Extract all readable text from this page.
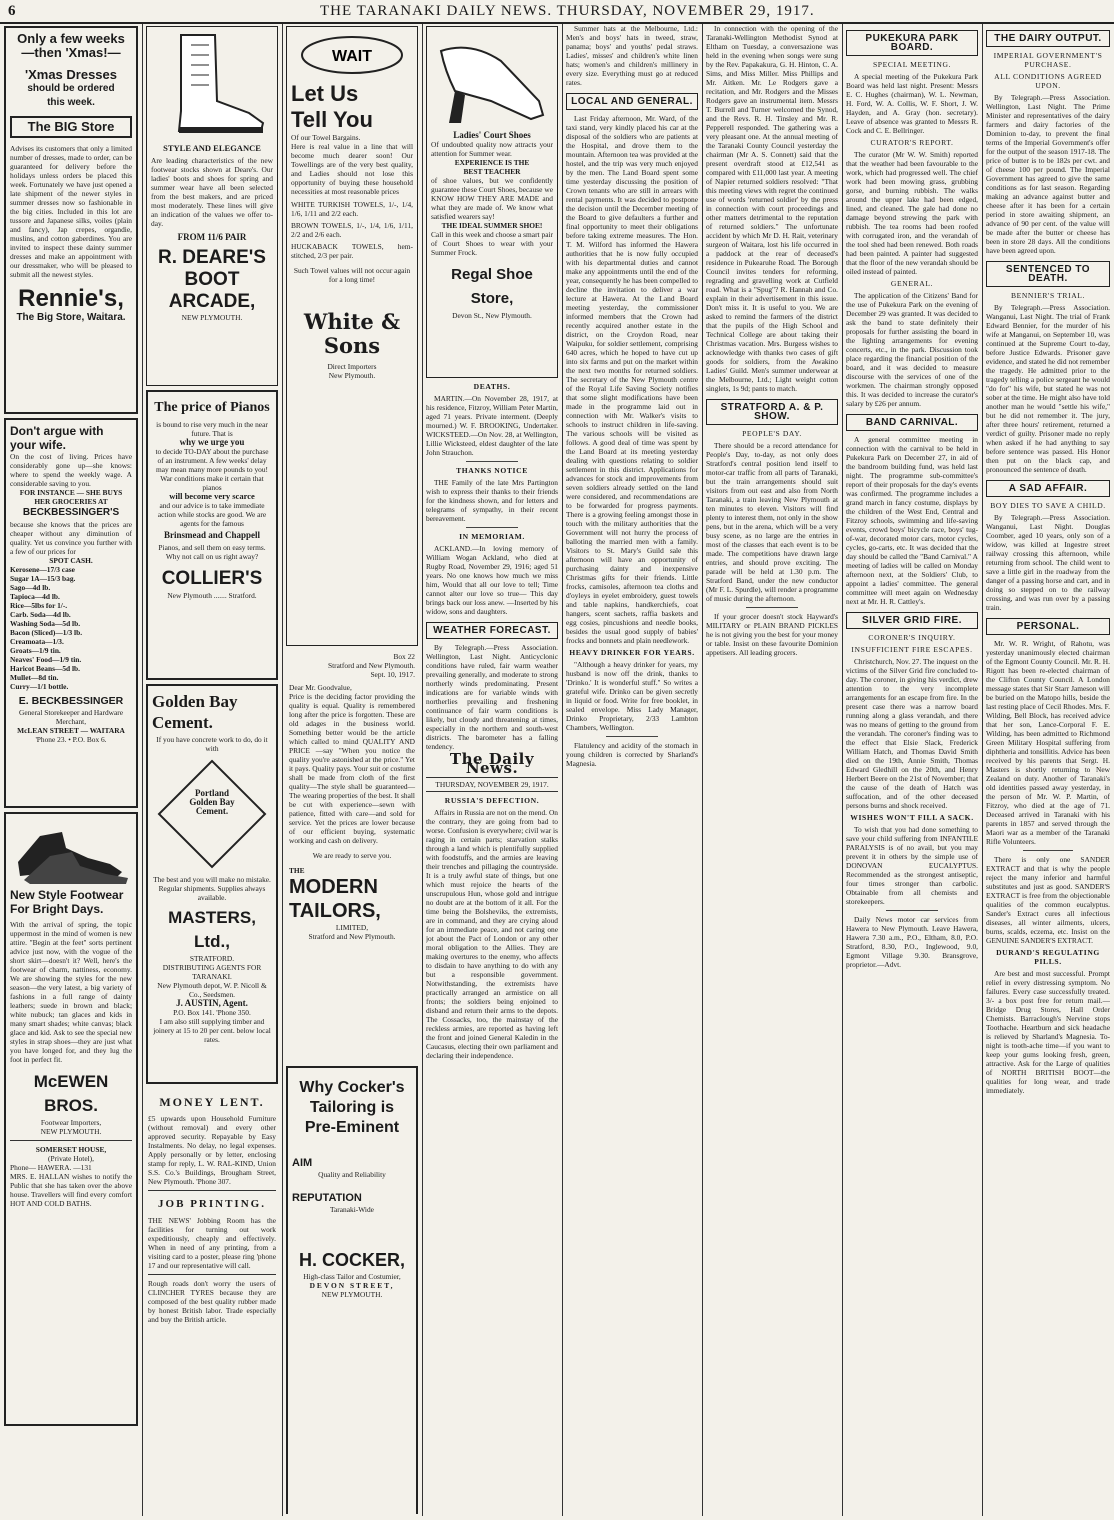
6	THE TARANAKI DAILY NEWS. THURSDAY, NOVEMBER 29, 1917.
Only a few weeks
—then 'Xmas!—
'Xmas Dresses
should be ordered
this week.
The BIG Store
Advises its customers that only a limited number of dresses, made to order, can be guaranteed for delivery before the holidays unless orders be placed this week. Fortunately we have just opened a late shipment of the newer styles in summer dresses now so fashionable in the big cities. Included in this lot are tussore and Japanese silks, voiles (plain and fancy), Jap crepes, organdie, muslins, and cotton gaberdines. You are invited to inspect these dainty summer dresses and make an appointment with our dressmaker, who will be pleased to submit all the newest styles.
Rennie's,
The Big Store, Waitara.
Don't argue with
your wife.
On the cost of living. Prices have considerably gone up—she knows: where to spend the weekly wage. A considerable saving to you.
FOR INSTANCE — SHE BUYS
HER GROCERIES AT
BECKBESSINGER'S
because she knows that the prices are cheaper without any diminution of quality. Yet us convince you further with a few of our prices for
SPOT CASH.
Kerosene—17/3 case
Sugar 1A—15/3 bag.
Sago—4d lb.
Tapioca—4d lb.
Rice—5lbs for 1/-.
Carb. Soda—4d lb.
Washing Soda—5d lb.
Bacon (Sliced)—1/3 lb.
Creamoata—1/3.
Groats—1/9 tin.
Neaves' Food—1/9 tin.
Haricot Beans—5d lb.
Mullet—8d tin.
Curry—1/1 bottle.
E. BECKBESSINGER
General Storekeeper and Hardware Merchant,
McLEAN STREET — WAITARA
'Phone 23. • P.O. Box 6.
New Style Footwear
For Bright Days.
With the arrival of spring, the topic uppermost in the mind of women is new attire. "Begin at the feet" sorts pertinent advice just now, with the vogue of the short skirt—doesn't it? Well, here's the footwear of charm, nattiness, economy. We are showing the styles for the new season—the very latest, a big variety of fashions in a full range of dainty leathers; suede in brown and black; white nubuck; tan glaces and kids in many smart shades; white canvas; black glace and kid. Ask to see the special new styles in strap shoes—they are just what you have longed for, and they lug the foot in perfect fit.
McEWEN BROS.
Footwear Importers,
NEW PLYMOUTH.
SOMERSET HOUSE,
(Private Hotel),
Phone— HAWERA. —131
MRS. E. HALLAN wishes to notify the Public that she has taken over the above house. Travellers will find every comfort HOT AND COLD BATHS.
STYLE AND ELEGANCE
Are leading characteristics of the new footwear stocks shown at Deare's. Our ladies' boots and shoes for spring and summer wear have all been selected from the best makers, and are priced most moderately. These lines will give an indication of the values we offer to-day.
FROM 11/6 PAIR
R. DEARE'S
BOOT
ARCADE,
NEW PLYMOUTH.
The price of Pianos
is bound to rise very much in the near future. That is
why we urge you
to decide TO-DAY about the purchase of an instrument. A few weeks' delay may mean many more pounds to you! War conditions make it certain that pianos
will become very scarce
and our advice is to take immediate action while stocks are good. We are agents for the famous
Brinsmead and Chappell
Pianos, and sell them on easy terms. Why not call on us right away?
COLLIER'S
New Plymouth ....... Stratford.
Golden Bay
Cement.
If you have concrete work to do, do it with
Portland
Golden Bay
Cement.
The best and you will make no mistake. Regular shipments. Supplies always available.
MASTERS, Ltd.,
STRATFORD.
DISTRIBUTING AGENTS FOR TARANAKI.
New Plymouth depot, W. P. Nicoll & Co., Seedsmen.
J. AUSTIN, Agent.
P.O. Box 141. 'Phone 350.
I am also still supplying timber and joinery at 15 to 20 per cent. below local rates.
MONEY LENT.
£5 upwards upon Household Furniture (without removal) and every other approved security. Repayable by Easy Instalments. No delay, no legal expenses. Apply personally or by letter, enclosing stamp for reply, L. W. RAL-KIND, Union S.S. Co.'s Buildings, Brougham Street, New Plymouth. 'Phone 307.
JOB PRINTING.
THE NEWS' Jobbing Room has the facilities for turning out work expeditiously, cheaply and effectively. When in need of any printing, from a visiting card to a poster, please ring 'phone 17 and our representative will call.
Rough roads don't worry the users of CLINCHER TYRES because they are composed of the best quality rubber made by honest British labor. Trade especially and buy the British article.
WAIT
Let Us
Tell You
Of our Towel Bargains.
Here is real value in a line that will become much dearer soon! Our Towellings are of the very best quality, and Ladies should not lose this opportunity of buying these household necessities at most reasonable prices
WHITE TURKISH TOWELS, 1/-, 1/4, 1/6, 1/11 and 2/2 each.
BROWN TOWELS, 1/-, 1/4, 1/6, 1/11, 2/2 and 2/6 each.
HUCKABACK TOWELS, hem-stitched, 2/3 per pair.
Such Towel values will not occur again for a long time!
White & Sons
Direct Importers
New Plymouth.
Box 22
Stratford and New Plymouth.
Sept. 10, 1917.
Dear Mr. Goodvalue,
Price is the deciding factor providing the quality is equal. Quality is remembered long after the price is forgotten. These are old adages in the business world. Something better would be the article which called to mind QUALITY AND PRICE —say "When you notice the quality you're astonished at the price." Yet it pays. Quality pays. Your suit or costume shall be made from cloth of the first quality—The style shall be guaranteed—The wearing properties of the best. It shall be cut with experience—sewn with patience, fitted with care—and sold for service. Yet the prices are lower because of our efficient buying, systematic working and cash on delivery.
We are ready to serve you.
THE
MODERN
TAILORS,
LIMITED,
Stratford and New Plymouth.
Why Cocker's
Tailoring is
Pre-Eminent
AIM
Quality and Reliability
REPUTATION
Taranaki-Wide
H. COCKER,
High-class Tailor and Costumier,
DEVON STREET,
NEW PLYMOUTH.
Ladies' Court Shoes
Of undoubted quality now attracts your attention for Summer wear.
EXPERIENCE IS THE
BEST TEACHER
of shoe values, but we confidently guarantee these Court Shoes, because we KNOW HOW THEY ARE MADE and what they are made of. We know what satisfied wearers say!
THE IDEAL SUMMER SHOE!
Call in this week and choose a smart pair of Court Shoes to wear with your Summer Frock.
Regal Shoe Store,
Devon St., New Plymouth.
DEATHS.
MARTIN.—On November 28, 1917, at his residence, Fitzroy, William Peter Martin, aged 71 years. Private interment. (Deeply mourned.) W. F. BROOKING, Undertaker. WICKSTEED.—On Nov. 28, at Wellington, Lillie Wicksteed, eldest daughter of the late John Strauchon.
THANKS NOTICE
THE Family of the late Mrs Partington wish to express their thanks to their friends for the kindness shown, and for letters and telegrams of sympathy, in their recent bereavement.
IN MEMORIAM.
ACKLAND.—In loving memory of William Wogan Ackland, who died at Rugby Road, November 29, 1916; aged 51 years. No one knows how much we miss him, Would that all our love to tell; Time cannot alter our love so true— This day brings back our loss anew. —Inserted by his widow, sons and daughters.
WEATHER FORECAST.
By Telegraph.—Press Association. Wellington, Last Night. Anticyclonic conditions have ruled, fair warm weather prevailing generally, and moderate to strong northerly winds predominating. Present indications are for variable winds with northerlies prevailing and freshening continuance of fair warm conditions is likely, but cloudy and threatening at times, especially in the northern and south-west districts. The barometer has a falling tendency.
The Daily News.
THURSDAY, NOVEMBER 29, 1917.
RUSSIA'S DEFECTION.
Affairs in Russia are not on the mend. On the contrary, they are going from bad to worse. Confusion is everywhere; civil war is raging in certain parts; starvation stalks through a land which is plentifully supplied with foodstuffs, and the armies are leaving their trenches and pillaging the countryside. It is a truly awful state of things, but one which must rejoice the hearts of the unscrupulous Hun, whose gold and intrigue no doubt are at the bottom of it all. For the time being the Bolsheviks, the extremists, are in command, and they are crying aloud for an immediate peace, and not caring one jot about the Pact of London or any other moral obligation to the Allies. They are making overtures to the enemy, who affects to disdain to have anything to do with any but a responsible government. Notwithstanding, the extremists have practically arranged an armistice on all fronts; the soldiers being enjoined to disband and return their arms to the depots. The Cossacks, too, the mainstay of the reckless armies, are reported as having left the front and joined General Kaledin in the Caucasus, electing their own parliament and declaring their independence.
Summer hats at the Melbourne, Ltd.: Men's and boys' hats in tweed, straw, panama; boys' and youths' pedal straws. Ladies', misses' and children's white linen hats; women's and children's millinery in every size. Everything must go at reduced rates.
LOCAL AND GENERAL.
Last Friday afternoon, Mr. Ward, of the taxi stand, very kindly placed his car at the disposal of the soldiers who are patients at the Hospital, and drove them to the mountain. Afternoon tea was provided at the hostel, and the trip was very much enjoyed by the men. The Land Board spent some time yesterday discussing the position of Crown tenants who are still in arrears with rental payments. It was decided to postpone the decision until the December meeting of the Board to give defaulters a further and final opportunity to meet their obligations before taking extreme measures. The Hon. T. M. Wilford has informed the Hawera authorities that he is now fully occupied with his departmental duties and cannot make any appointments until the end of the year, consequently he has been compelled to decline the invitation to deliver a war lecture at Hawera. At the Land Board meeting yesterday, the commissioner informed members that the Crown had recently acquired another estate in the district, on the Croydon Road, near Waipuku, for soldier settlement, comprising 640 acres, which he hoped to have cut up into six farms and put on the market within the next two months for returned soldiers. The secretary of the New Plymouth centre of the Royal Life Saving Society notifies that some slight modifications have been made in the programme laid out in connection with Mr. Walker's visits to schools to instruct children in life-saving. The various schools will be visited as follows. A good deal of time was spent by the Land Board at its meeting yesterday dealing with questions relating to soldier settlement in this district. Applications for advances for stock and improvements from seven soldiers already settled on the land were considered, and recommendations are to be forwarded for progress payments. There is a growing feeling amongst those in touch with the military authorities that the Government will not hurry the process of balloting the married men with a family. Visitors to St. Mary's Guild sale this afternoon will have an opportunity of purchasing dainty and inexpensive Christmas gifts for their friends. Little frocks, camisoles, afternoon tea cloths and d'oyleys in eyelet embroidery, guest towels and table napkins, handkerchiefs, coat hangers, scent sachets, raffia baskets and egg cosies, pincushions and needle books, besides the usual good supply of babies' frocks and bonnets and plain needlework.
HEAVY DRINKER FOR YEARS.
"Although a heavy drinker for years, my husband is now off the drink, thanks to 'Drinko.' It is wonderful stuff." So writes a grateful wife. Drinko can be given secretly in liquid or food. Write for free booklet, in sealed envelope. Miss Lady Manager, Drinko Proprietary, 2/33 Lambton Chambers, Wellington.
Flatulency and acidity of the stomach in young children is corrected by Sharland's Magnesia.
In connection with the opening of the Taranaki-Wellington Methodist Synod at Eltham on Tuesday, a conversazione was held in the evening when songs were sung by the Rev. Papakakura, G. H. Hinton, C. A. Sims, and Miss Miller. Miss Phillips and Mr. Aitken. Mr. Le Rodgers gave a recitation, and Mr. Rodgers and the Misses Rodgers gave an instrumental item. Messrs T. Burrell and Turner welcomed the Synod, and the Revs. R. H. Tinsley and Mr. R. Pepperell responded. The gathering was a very pleasant one. At the annual meeting of the Taranaki County Council yesterday the chairman (Mr A. S. Connett) said that the present overdraft stood at £12,541 as compared with £11,000 last year. A meeting of Napier returned soldiers resolved: "That this meeting views with regret the continued use of words 'returned soldier' by the press in connection with court proceedings and other matters detrimental to the reputation of returned soldiers." The unfortunate accident by which Mr D. H. Rait, veterinary surgeon of Waitara, lost his life occurred in a paddock at the rear of deceased's residence in Pukearuhe Road. The Borough Council invites tenders for reforming, regrading and gravelling work at Cutfield road. What is a "Spug"? R. Hannah and Co. explain in their advertisement in this issue. Don't miss it. It is useful to you. We are asked to remind the farmers of the district that the pupils of the High School and Technical College are about taking their Christmas vacation. Mrs. Burgess wishes to acknowledge with thanks two cases of gift goods for soldiers, from the Awakino Ladies' Guild. Men's summer underwear at the Melbourne, Ltd.; Light weight cotton singlets, 1s 9d; pants to match.
STRATFORD A. & P. SHOW.
PEOPLE'S DAY.
There should be a record attendance for People's Day, to-day, as not only does Stratford's central position lend itself to motor-car traffic from all parts of Taranaki, but the train arrangements should suit visitors from out east and also from North Taranaki, a train leaving New Plymouth at ten minutes to eleven. Visitors will find plenty to interest them, not only in the show pens, but in the arena, which will be a very busy scene, as no large are the entries in most of the classes that each event is to be made. The competitions have drawn large entries, and should prove exciting. The parade will be held at 1.30 p.m. The Stratford Band, under the new conductor (Mr F. L. Spurdle), will render a programme of music during the afternoon.
If your grocer doesn't stock Hayward's MILITARY or PLAIN BRAND PICKLES he is not giving you the best for your money or table. Insist on these favourite Dominion appetisers. All leading grocers.
PUKEKURA PARK BOARD.
SPECIAL MEETING.
A special meeting of the Pukekura Park Board was held last night. Present: Messrs E. C. Hughes (chairman), W. L. Newman, H. Ford, W. A. Collis, W. F. Short, J. W. Hayden, and A. Gray (hon. secretary). Leave of absence was granted to Messrs R. Cock and C. E. Bellringer.
CURATOR'S REPORT.
The curator (Mr W. W. Smith) reported that the weather had been favourable to the work, which had progressed well. The chief work had been mowing grass, grubbing gorse, and burning rubbish. The walks around the upper lake had been edged, lined, and cleaned. The gale had done no damage beyond strewing the park with rubbish. The tea rooms had been roofed with corrugated iron, and the verandah of the tool shed had been renewed. Both roads had been painted. A painter had suggested that the floor of the new verandah should be oiled instead of painted.
GENERAL.
The application of the Citizens' Band for the use of Pukekura Park on the evening of December 29 was granted. It was decided to ask the band to state definitely their proposals for further assisting the board in the lighting arrangements for evening concerts, etc., in the park. Discussion took place regarding the financial position of the board, and it was decided to measure discourse with the services of one of the workmen. The chairman strongly opposed this. It was decided to increase the curator's salary by £26 per annum.
BAND CARNIVAL.
A general committee meeting in connection with the carnival to be held in Pukekura Park on December 27, in aid of the bandroom building fund, was held last night. The programme sub-committee's report of their proposals for the day's events was confirmed. The programme includes a grand march in fancy costume, displays by the children of the West End, Central and Fitzroy schools, swimming and life-saving events, crowd boys' bicycle race, boys' tug-of-war, decorated motor cars, motor cycles, cycles, go-carts, etc. It was decided that the day should be called the "Band Carnival." A meeting of ladies will be called on Monday afternoon next, at the Soldiers' Club, to appoint a ladies' committee. The general committee will meet again on Wednesday next at Mr. H. R. Cattley's.
SILVER GRID FIRE.
CORONER'S INQUIRY.
INSUFFICIENT FIRE ESCAPES.
Christchurch, Nov. 27. The inquest on the victims of the Silver Grid fire concluded to-day. The coroner, in giving his verdict, drew attention to the very incomplete arrangements for an escape from fire. In the present case there was a narrow board running along a glass verandah, and there was no means of getting to the ground from the verandah. The coroner's finding was to the effect that Elsie Slack, Frederick William Hatch, and Thomas David Smith died on the 19th, Annie Smith, Thomas Edward Gledhill on the 20th, and Henry Herbert Beere on the 21st of November; that the cause of the death of Hatch was suffocation, and of the other deceased persons burns and shock received.
WISHES WON'T FILL A SACK.
To wish that you had done something to save your child suffering from INFANTILE PARALYSIS is of no avail, but you may prevent it in others by the simple use of DONOVAN EUCALYPTUS. Recommended as the strongest antiseptic, four times stronger than carbolic. Obtainable from all chemists and storekeepers.
Daily News motor car services from Hawera to New Plymouth. Leave Hawera, Hawera 7.30 a.m., P.O., Eltham, 8.0, P.O. Stratford, 8.30, P.O., Inglewood, 9.0, Egmont Village 9.30. Bransgrove, proprietor.—Advt.
THE DAIRY OUTPUT.
IMPERIAL GOVERNMENT'S PURCHASE.
ALL CONDITIONS AGREED UPON.
By Telegraph.—Press Association. Wellington, Last Night. The Prime Minister and representatives of the dairy farmers and dairy factories of the Dominion to-day, to prevent the final terms of the Imperial Government's offer for the output of the season 1917-18. The price of butter is to be 182s per cwt. and of cheese 100 per pound. The Imperial Government has agreed to give the same conditions as for last season. Regarding making an advance against butter and cheese after it has been for a certain period in store awaiting shipment, an advance of 90 per cent. of the value will be made after the butter or cheese has been in store 28 days. All the conditions have been agreed upon.
SENTENCED TO DEATH.
BENNIER'S TRIAL.
By Telegraph.—Press Association. Wanganui, Last Night. The trial of Frank Edward Bennier, for the murder of his wife at Manganui, on September 10, was continued at the Supreme Court to-day, before Justice Edwards. Prisoner gave evidence, and stated he did not remember the tragedy. He admitted prior to the tragedy telling a police sergeant he would "do for" his wife, but stated he was not sober at the time. He might also have told another man he would "settle his wife," but he did not remember it. The jury, after three hours' retirement, returned a verdict of guilty. Prisoner made no reply when asked if he had anything to say before sentence was passed. His Honor then put on the black cap, and pronounced the sentence of death.
A SAD AFFAIR.
BOY DIES TO SAVE A CHILD.
By Telegraph.—Press Association. Wanganui, Last Night. Douglas Coomber, aged 10 years, only son of a widow, was killed at Ingestre street railway crossing this afternoon, while returning from school. The child went to save a little girl in the roadway from the danger of a passing horse and cart, and in doing so stepped on to the railway crossing, and was run over by a passing train.
PERSONAL.
Mr. W. R. Wright, of Rahotu, was yesterday unanimously elected chairman of the Egmont County Council. Mr. R. H. Rigott has been re-elected chairman of the Clifton County Council. A London message states that Sir Starr Jameson will be buried on the Matopo hills, beside the last resting place of Cecil Rhodes. Mrs. F. Wilding, Bell Block, has received advice that her son, Lance-Corporal F. E. Wilding, has been admitted to Richmond Green Military Hospital suffering from diphtheria and tonsillitis. Advice has been received by his parents that Sergt. H. Masters is shortly returning to New Zealand on duty. Another of Taranaki's old identities passed away yesterday, in the person of Mr. W. P. Martin, of Fitzroy, who died at the age of 71. Deceased arrived in Taranaki with his parents in 1857 and served through the Maori war as a member of the Taranaki Rifle Volunteers.
There is only one SANDER EXTRACT and that is why the people reject the many inferior and harmful substitutes and just as good. SANDER'S EXTRACT is free from the objectionable qualities of the common eucalyptus. Sander's Extract cures all infectious diseases, all winter ailments, ulcers, burns, scalds, eczema, etc. Insist on the GENUINE SANDER'S EXTRACT.
DURAND'S REGULATING PILLS.
Are best and most successful. Prompt relief in every distressing symptom. No failures. Every case successfully treated. 3/- a box post free for return mail.—Bridge Drug Stores, Hall Order Chemists. Barraclough's Nervine stops Toothache. Heartburn and sick headache is relieved by Sharland's Magnesia. To-night is tooth-ache time—if you want to keep your gums looking fresh, green, attractive. Ask for the Large of qualities of NORTH BRITISH BOOT—the qualities for long wear, and trade immediately.
